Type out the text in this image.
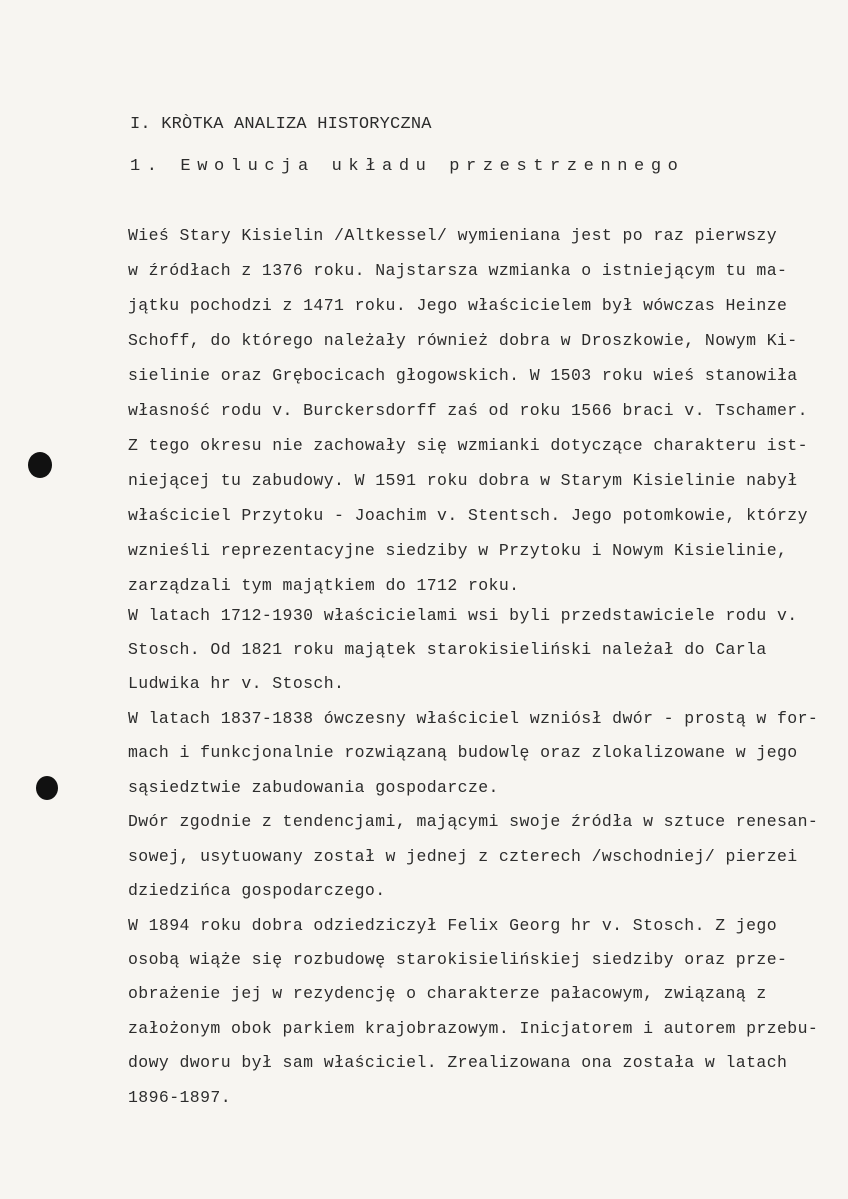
I. KRÒTKA ANALIZA HISTORYCZNA
1. Ewolucja układu przestrzennego
Wieś Stary Kisielin /Altkessel/ wymieniana jest po raz pierwszy
w źródłach z 1376 roku. Najstarsza wzmianka o istniejącym tu ma-
jątku pochodzi z 1471 roku. Jego właścicielem był wówczas Heinze
Schoff, do którego należały również dobra w Droszkowie, Nowym Ki-
sielinie oraz Grębocicach głogowskich. W 1503 roku wieś stanowiła
własność rodu v. Burckersdorff zaś od roku 1566 braci v. Tschamer.
Z tego okresu nie zachowały się wzmianki dotyczące charakteru ist-
niejącej tu zabudowy. W 1591 roku dobra w Starym Kisielinie nabył
właściciel Przytoku - Joachim v. Stentsch. Jego potomkowie, którzy
wznieśli reprezentacyjne siedziby w Przytoku i Nowym Kisielinie,
zarządzali tym majątkiem do 1712 roku.
W latach 1712-1930 właścicielami wsi byli przedstawiciele rodu v.
Stosch. Od 1821 roku majątek starokisieliński należał do Carla
Ludwika hr v. Stosch.
W latach 1837-1838 ówczesny właściciel wzniósł dwór - prostą w for-
mach i funkcjonalnie rozwiązaną budowlę oraz zlokalizowane w jego
sąsiedztwie zabudowania gospodarcze.
Dwór zgodnie z tendencjami, mającymi swoje źródła w sztuce renesan-
sowej, usytuowany został w jednej z czterech /wschodniej/ pierzei
dziedzińca gospodarczego.
W 1894 roku dobra odziedziczył Felix Georg hr v. Stosch. Z jego
osobą wiąże się rozbudowę starokisielińskiej siedziby oraz prze-
obrażenie jej w rezydencję o charakterze pałacowym, związaną z
założonym obok parkiem krajobrazowym. Inicjatorem i autorem przebu-
dowy dworu był sam właściciel. Zrealizowana ona została w latach
1896-1897.
